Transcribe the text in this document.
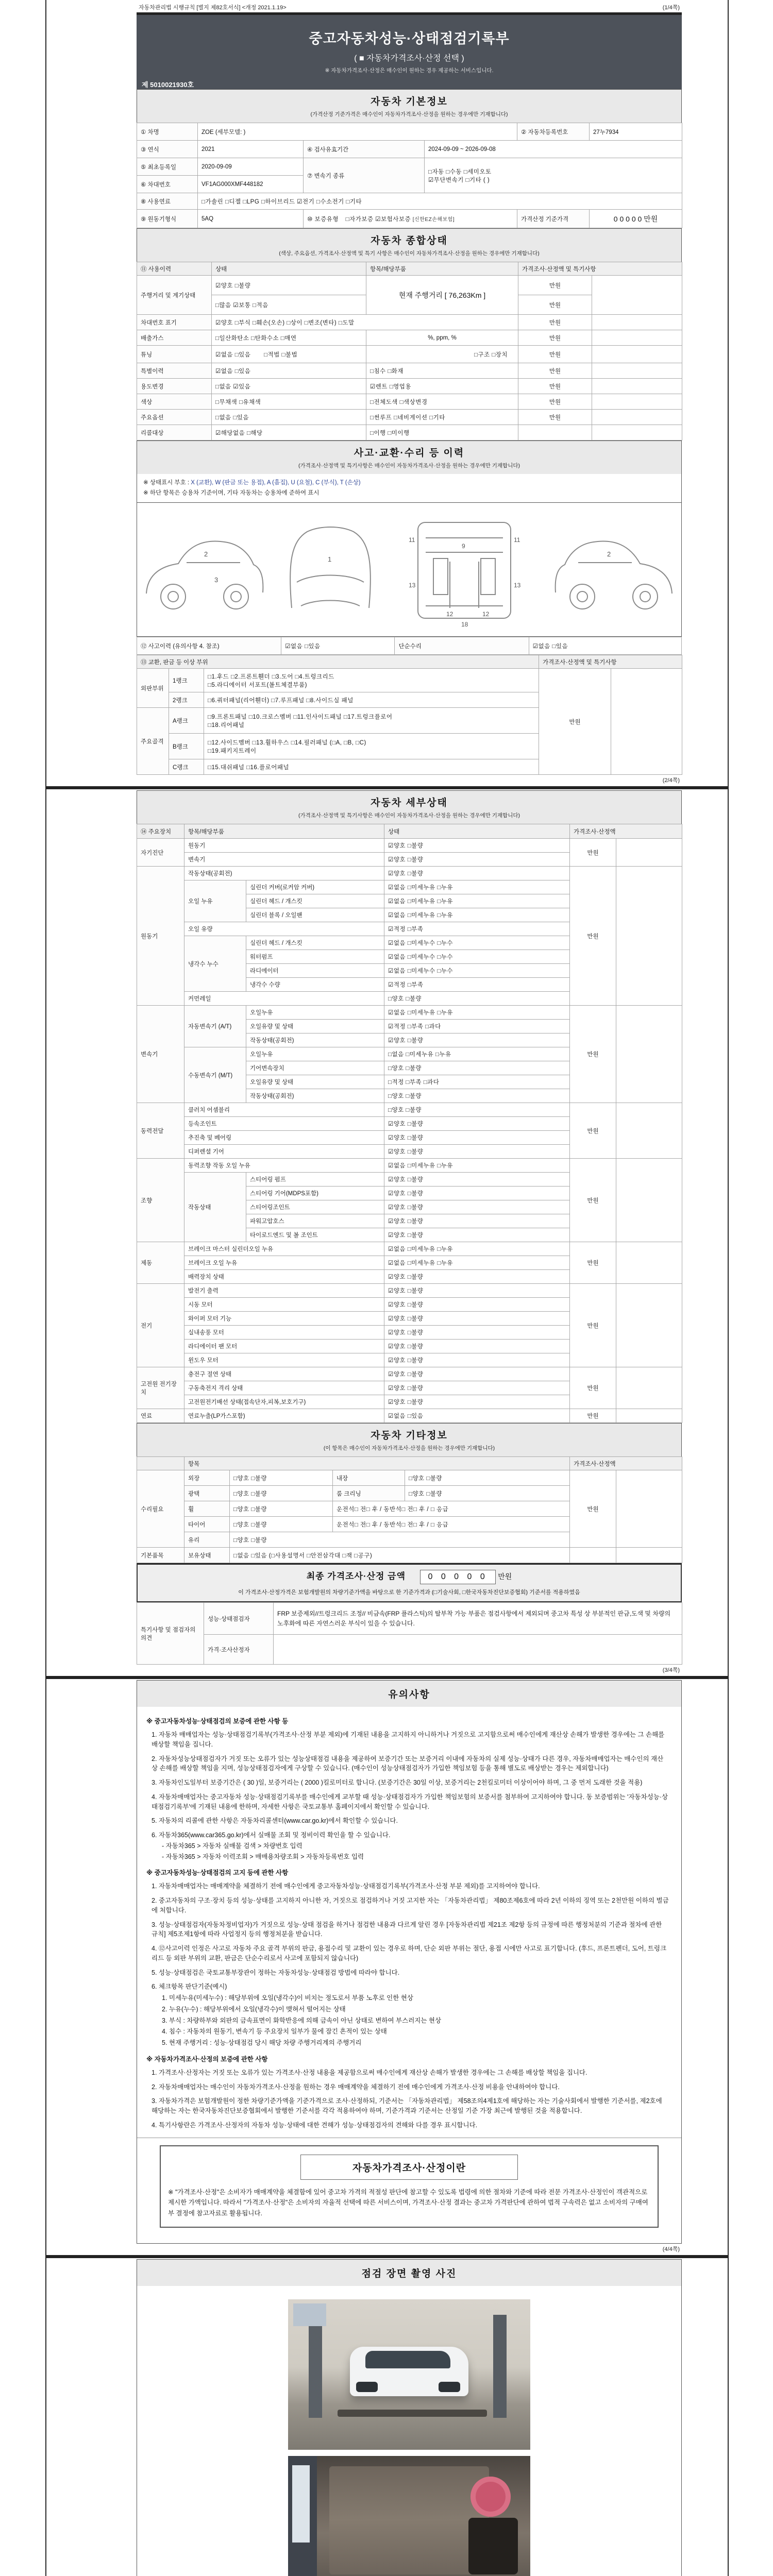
자동차관리법 시행규칙 [별지 제82호서식] <개정 2021.1.19>	(1/4쪽)
중고자동차성능·상태점검기록부
( ■ 자동차가격조사·산정 선택 )
※ 자동차가격조사·산정은 매수인이 원하는 경우 제공하는 서비스입니다.
제 5010021930호
자동차 기본정보
(가격산정 기준가격은 매수인이 자동차가격조사·산정을 원하는 경우에만 기재합니다)
① 차명	ZOE (세부모델: )			② 자동차등록번호	27누7934
③ 연식	2021	④ 검사유효기간	2024-09-09 ~ 2026-09-08		
⑤ 최초등록일	2020-09-09	⑦ 변속기 종류	□자동 □수동 □세미오토
☑무단변속기 □기타 ( )		

⑥ 차대번호	VF1AG000XMF448182				
⑧ 사용연료	□가솔린 □디젤 □LPG □하이브리드 ☑전기 □수소전기 □기타				
⑨ 원동기형식	5AQ	⑩ 보증유형 □자가보증 ☑보험사보증 [신한EZ손해보험]		가격산정 기준가격	0 0 0 0 0 만원
자동차 종합상태
(색상, 주요옵션, 가격조사·산정액 및 특기 사항은 매수인이 자동차가격조사·산정을 원하는 경우에만 기재합니다)
⑪ 사용이력	상태	항목/해당부품	가격조사·산정액 및 특기사항	
주행거리 및 계기상태	☑양호 □불량	현재 주행거리 [ 76,263Km ]	만원	
	□많음 ☑보통 □적음		만원	
차대번호 표기	☑양호 □부식 □훼손(오손) □상이 □변조(변타) □도말		만원	
배출가스	□일산화탄소 □탄화수소 □매연	%, ppm, %	만원	
튜닝	☑없음 □있음 □적법 □불법	□구조 □장치	만원	
특별이력	☑없음 □있음	□침수 □화재	만원	
용도변경	□없음 ☑있음	☑렌트 □영업용	만원	
색상	□무채색 □유채색	□전체도색 □색상변경	만원	
주요옵션	□없음 □있음	□썬루프 □네비게이션 □기타	만원	
리콜대상	☑해당없음 □해당	□이행 □미이행		
사고·교환·수리 등 이력
(가격조사·산정액 및 특기사항은 매수인이 자동차가격조사·산정을 원하는 경우에만 기재합니다)
※ 상태표시 부호 : X (교환), W (판금 또는 용접), A (흠집), U (요철), C (부식), T (손상)
※ 하단 항목은 승용차 기준이며, 기타 자동차는 승용차에 준하여 표시
2
3
1
11	11
9
13	13
12	12
18
2
⑫ 사고이력 (유의사항 4. 참조)	☑없음 □있음	단순수리	☑없음 □있음
⑬ 교환, 판금 등 이상 부위			가격조사·산정액 및 특기사항	
외판부위	1랭크	□1.후드 □2.프론트휀더 □3.도어 □4.트렁크리드
□5.라디에이터 서포트(볼트체결부품)	만원	
	2랭크	□6.쿼터패널(리어휀더) □7.루프패널 □8.사이드실 패널		
주요골격	A랭크	□9.프론트패널 □10.크로스멤버 □11.인사이드패널 □17.트렁크플로어
□18.리어패널		
	B랭크	□12.사이드멤버 □13.휠하우스 □14.필러패널 (□A, □B, □C)
□19.패키지트레이		
	C랭크	□15.대쉬패널 □16.플로어패널		
(2/4쪽)
자동차 세부상태
(가격조사·산정액 및 특기사항은 매수인이 자동차가격조사·산정을 원하는 경우에만 기재합니다)
⑭ 주요장치	항목/해당부품		상태	가격조사·산정액	
자기진단	원동기		☑양호 □불량	만원	
	변속기		☑양호 □불량		
원동기	작동상태(공회전)		☑양호 □불량	만원	
	오일 누유	실린더 커버(로커암 커버)	☑없음 □미세누유 □누유		
		실린더 헤드 / 개스킷	☑없음 □미세누유 □누유		
		실린더 블록 / 오일팬	☑없음 □미세누유 □누유		
	오일 유량		☑적정 □부족		
	냉각수 누수	실린더 헤드 / 개스킷	☑없음 □미세누수 □누수		
		워터펌프	☑없음 □미세누수 □누수		
		라디에이터	☑없음 □미세누수 □누수		
		냉각수 수량	☑적정 □부족		
	커먼레일		□양호 □불량		
변속기	자동변속기 (A/T)	오일누유	☑없음 □미세누유 □누유	만원	
		오일유량 및 상태	☑적정 □부족 □과다		
		작동상태(공회전)	☑양호 □불량		
	수동변속기 (M/T)	오일누유	□없음 □미세누유 □누유		
		기어변속장치	□양호 □불량		
		오일유량 및 상태	□적정 □부족 □과다		
		작동상태(공회전)	□양호 □불량		
동력전달	클러치 어셈블리		□양호 □불량	만원	
	등속조인트		☑양호 □불량		
	추진축 및 베어링		☑양호 □불량		
	디퍼렌셜 기어		☑양호 □불량		
조향	동력조향 작동 오일 누유		☑없음 □미세누유 □누유	만원	
	작동상태	스티어링 펌프	☑양호 □불량		
		스티어링 기어(MDPS포함)	☑양호 □불량		
		스티어링조인트	☑양호 □불량		
		파워고압호스	☑양호 □불량		
		타이로드엔드 및 볼 조인트	☑양호 □불량		
제동	브레이크 마스터 실린더오일 누유		☑없음 □미세누유 □누유	만원	
	브레이크 오일 누유		☑없음 □미세누유 □누유		
	배력장치 상태		☑양호 □불량		
전기	발전기 출력		☑양호 □불량	만원	
	시동 모터		☑양호 □불량		
	와이퍼 모터 기능		☑양호 □불량		
	실내송풍 모터		☑양호 □불량		
	라디에이터 팬 모터		☑양호 □불량		
	윈도우 모터		☑양호 □불량		
고전원 전기장치	충전구 절연 상태		☑양호 □불량	만원	
	구동축전지 격리 상태		☑양호 □불량		
	고전원전기배선 상태(접속단자,피복,보호기구)		☑양호 □불량		
연료	연료누출(LP가스포함)		☑없음 □있음	만원	
자동차 기타정보
(이 항목은 매수인이 자동차가격조사·산정을 원하는 경우에만 기재합니다)
	항목				가격조사·산정액	
수리필요	외장	□양호 □불량	내장	□양호 □불량	만원	
	광택	□양호 □불량	룸 크리닝	□양호 □불량		
	휠	□양호 □불량	운전석□ 전□ 후 / 동반석□ 전□ 후 / □ 응급			
	타이어	□양호 □불량	운전석□ 전□ 후 / 동반석□ 전□ 후 / □ 응급			
	유리	□양호 □불량				
기본품목	보유상태	□없음 □있음 (□사용설명서 □안전삼각대 □잭 □공구)				
최종 가격조사·산정 금액	0 0 0 0 0 만원
이 가격조사·산정가격은 보험개발원의 차량기준가액을 바탕으로 한 기준가격과 (□기술사회, □한국자동차진단보증협회) 기준서를 적용하였음
특기사항 및 점검자의 의견	성능·상태점검자	FRP 보증제외//트렁크리드 조정// 비금속(FRP 플라스틱)의 탈부착 가능 부품은 점검사항에서 제외되며 중고차 특성 상 부분적인 판금,도색 및 차량의 노후화에 따른 자연스러운 부식이 있을 수 있습니다.
	가격·조사산정자	
(3/4쪽)
유의사항
※ 중고자동차성능·상태점검의 보증에 관한 사항 등

1. 자동차 매매업자는 성능·상태점검기록부(가격조사·산정 부분 제외)에 기재된 내용을 고지하지 아니하거나 거짓으로 고지함으로써 매수인에게 재산상 손해가 발생한 경우에는 그 손해를 배상할 책임을 집니다.

2. 자동차성능상태점검자가 거짓 또는 오류가 있는 성능상태점검 내용을 제공하여 보증기간 또는 보증거리 이내에 자동차의 실제 성능·상태가 다른 경우, 자동차매매업자는 매수인의 재산상 손해를 배상할 책임을 지며, 성능상태점검자에게 구상할 수 있습니다. (매수인이 성능상태점검자가 가입한 책임보험 등을 통해 별도로 배상받는 경우는 제외합니다)

3. 자동차인도일부터 보증기간은 ( 30 )일, 보증거리는 ( 2000 )킬로미터로 합니다. (보증기간은 30일 이상, 보증거리는 2천킬로미터 이상이어야 하며, 그 중 먼저 도래한 것을 적용)

4. 자동차매매업자는 중고자동차 성능·상태점검기록부를 매수인에게 교부할 때 성능·상태점검자가 가입한 책임보험의 보증서를 첨부하여 고지하여야 합니다. 동 보증범위는 '자동차성능·상태점검기록부'에 기재된 내용에 한하며, 자세한 사항은 국토교통부 홈페이지에서 확인할 수 있습니다.

5. 자동차의 리콜에 관한 사항은 자동차리콜센터(www.car.go.kr)에서 확인할 수 있습니다.

6. 자동차365(www.car365.go.kr)에서 실매물 조회 및 정비이력 확인을 할 수 있습니다.

- 자동차365 > 자동차 실매물 검색 > 차량번호 입력

- 자동차365 > 자동차 이력조회 > 매매용차량조회 > 자동차등록번호 입력

※ 중고자동차성능·상태점검의 고지 등에 관한 사항

1. 자동차매매업자는 매매계약을 체결하기 전에 매수인에게 중고자동차성능·상태점검기록부(가격조사·산정 부분 제외)를 고지하여야 합니다.

2. 중고자동차의 구조·장치 등의 성능·상태를 고지하지 아니한 자, 거짓으로 점검하거나 거짓 고지한 자는 「자동차관리법」 제80조제6호에 따라 2년 이하의 징역 또는 2천만원 이하의 벌금에 처합니다.

3. 성능·상태점검자(자동차정비업자)가 거짓으로 성능·상태 점검을 하거나 점검한 내용과 다르게 알린 경우 [자동차관리법 제21조 제2항 등의 규정에 따른 행정처분의 기준과 절차에 관한 규칙] 제5조제1항에 따라 사업정지 등의 행정처분을 받습니다.

4. ⑫사고이력 인정은 사고로 자동차 주요 골격 부위의 판금, 용접수리 및 교환이 있는 경우로 하며, 단순 외판 부위는 절단, 용접 시에만 사고로 표기합니다. (후드, 프론트펜더, 도어, 트렁크리드 등 외판 부위의 교환, 판금은 단순수리로서 사고에 포함되지 않습니다)

5. 성능·상태점검은 국토교통부장관이 정하는 자동차성능·상태점검 방법에 따라야 합니다.

6. 체크항목 판단기준(예시)

1. 미세누유(미세누수) : 해당부위에 오일(냉각수)이 비치는 정도로서 부품 노후로 인한 현상

2. 누유(누수) : 해당부위에서 오일(냉각수)이 맺혀서 떨어지는 상태

3. 부식 : 차량하부와 외판의 금속표면이 화학반응에 의해 금속이 아닌 상태로 변하여 부스러지는 현상

4. 침수 : 자동차의 원동기, 변속기 등 주요장치 일부가 물에 잠긴 흔적이 있는 상태

5. 현재 주행거리 : 성능·상태점검 당시 해당 차량 주행거리계의 주행거리

※ 자동차가격조사·산정의 보증에 관한 사항

1. 가격조사·산정자는 거짓 또는 오류가 있는 가격조사·산정 내용을 제공함으로써 매수인에게 재산상 손해가 발생한 경우에는 그 손해를 배상할 책임을 집니다.

2. 자동차매매업자는 매수인이 자동차가격조사·산정을 원하는 경우 매매계약을 체결하기 전에 매수인에게 가격조사·산정 비용을 안내하여야 합니다.

3. 자동차가격은 보험개발원이 정한 차량기준가액을 기준가격으로 조사·산정하되, 기준서는 「자동차관리법」 제58조의4제1호에 해당하는 자는 기술사회에서 발행한 기준서를, 제2호에 해당하는 자는 한국자동차진단보증협회에서 발행한 기준서를 각각 적용하여야 하며, 기준가격과 기준서는 산정일 기준 가장 최근에 발행된 것을 적용합니다.

4. 특기사항란은 가격조사·산정자의 자동차 성능·상태에 대한 견해가 성능·상태점검자의 견해와 다를 경우 표시합니다.

자동차가격조사·산정이란
※ "가격조사·산정"은 소비자가 매매계약을 체결함에 있어 중고차 가격의 적절성 판단에 참고할 수 있도록 법령에 의한 절차와 기준에 따라 전문 가격조사·산정인이 객관적으로 제시한 가액입니다. 따라서 "가격조사·산정"은 소비자의 자율적 선택에 따른 서비스이며, 가격조사·산정 결과는 중고차 가격판단에 관하여 법적 구속력은 없고 소비자의 구매여부 결정에 참고자료로 활용됩니다.
(4/4쪽)
점검 장면 촬영 사진
